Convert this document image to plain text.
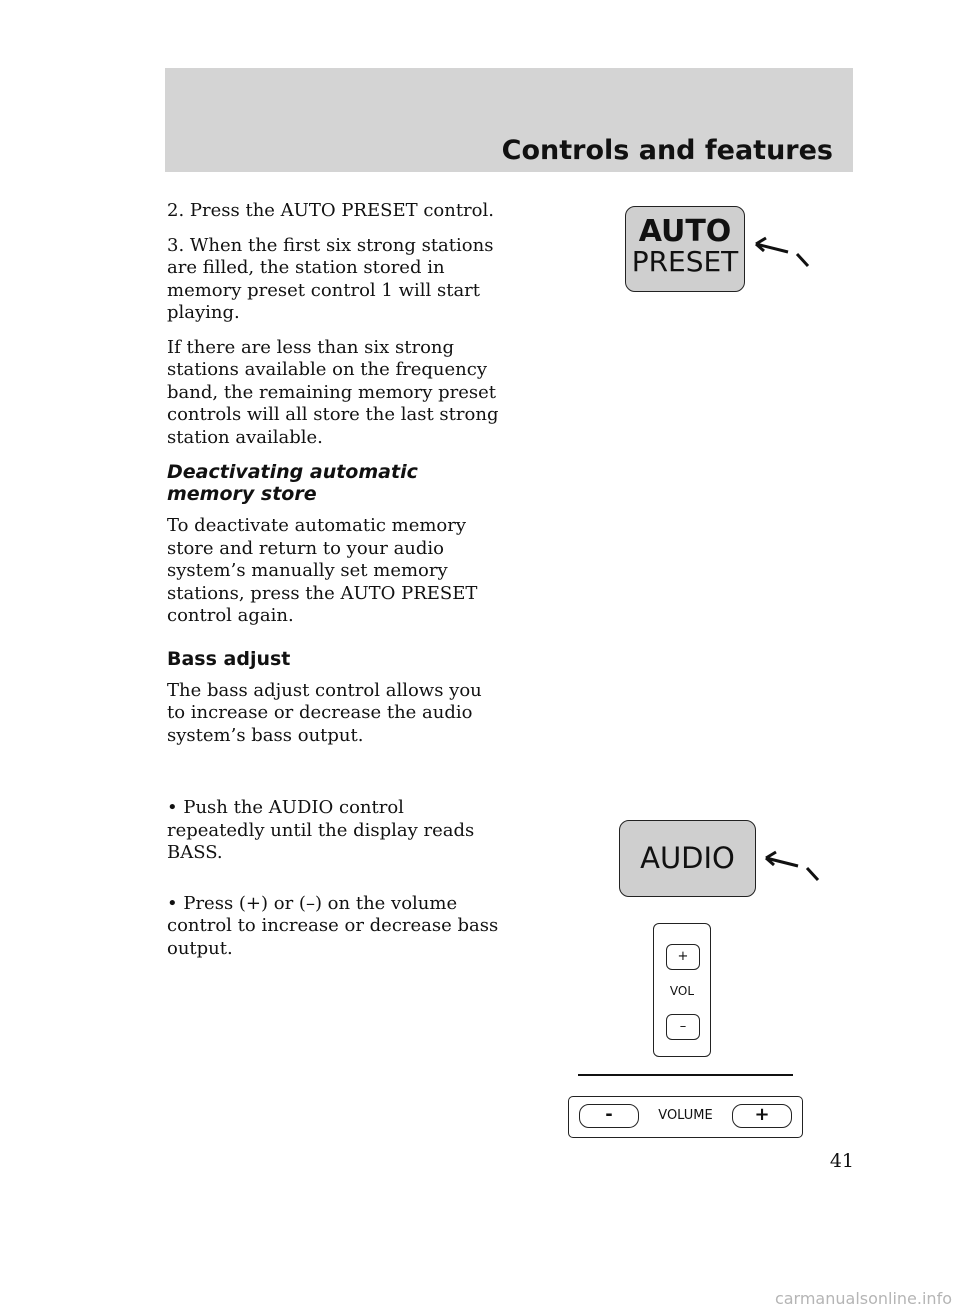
Controls and features

2. Press the AUTO PRESET control.

3. When the first six strong stations are filled, the station stored in memory preset control 1 will start playing.

If there are less than six strong stations available on the frequency band, the remaining memory preset controls will all store the last strong station available.

Deactivating automatic memory store

To deactivate automatic memory store and return to your audio system’s manually set memory stations, press the AUTO PRESET control again.

Bass adjust

The bass adjust control allows you to increase or decrease the audio system’s bass output.

• Push the AUDIO control repeatedly until the display reads BASS.

• Press (+) or (–) on the volume control to increase or decrease bass output.

AUTO
PRESET
AUDIO
+
VOL
–
-	VOLUME	+
41
carmanualsonline.info
